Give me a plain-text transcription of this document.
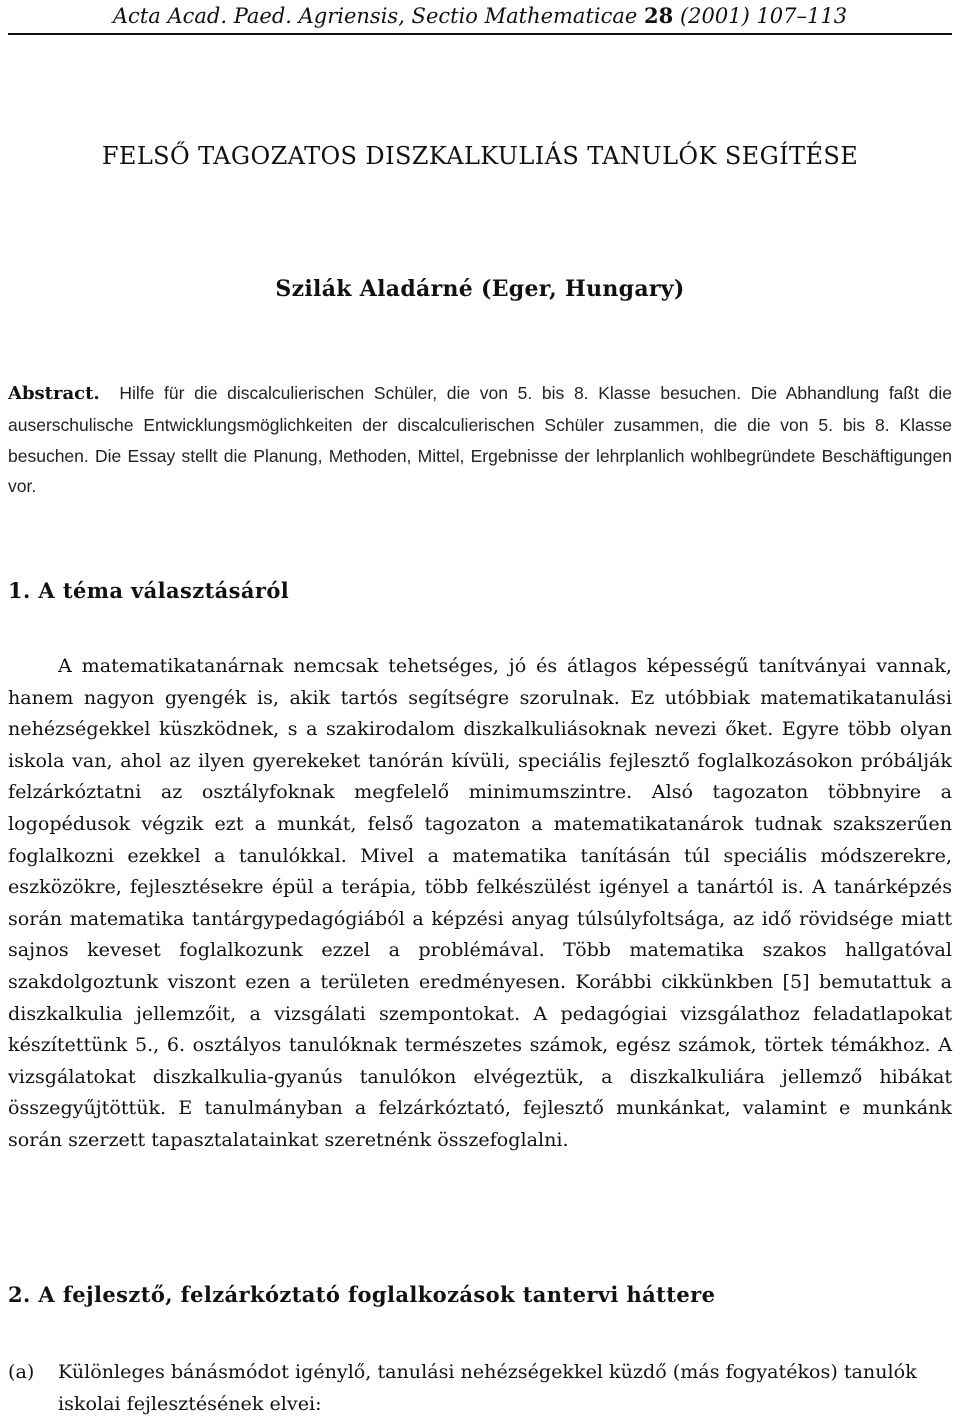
Acta Acad. Paed. Agriensis, Sectio Mathematicae 28 (2001) 107–113
FELSŐ TAGOZATOS DISZKALKULIÁS TANULÓK SEGÍTÉSE
Szilák Aladárné (Eger, Hungary)
Abstract. Hilfe für die discalculierischen Schüler, die von 5. bis 8. Klasse besuchen. Die Abhandlung faßt die auserschulische Entwicklungsmöglichkeiten der discalculierischen Schüler zusammen, die die von 5. bis 8. Klasse besuchen. Die Essay stellt die Planung, Methoden, Mittel, Ergebnisse der lehrplanlich wohlbegründete Beschäftigungen vor.
1. A téma választásáról
A matematikatanárnak nemcsak tehetséges, jó és átlagos képességű tanítványai vannak, hanem nagyon gyengék is, akik tartós segítségre szorulnak. Ez utóbbiak matematikatanulási nehézségekkel küszködnek, s a szakirodalom diszkalkuliásoknak nevezi őket. Egyre több olyan iskola van, ahol az ilyen gyerekeket tanórán kívüli, speciális fejlesztő foglalkozásokon próbálják felzárkóztatni az osztályfoknak megfelelő minimumszintre. Alsó tagozaton többnyire a logopédusok végzik ezt a munkát, felső tagozaton a matematikatanárok tudnak szakszerűen foglalkozni ezekkel a tanulókkal. Mivel a matematika tanításán túl speciális módszerekre, eszközökre, fejlesztésekre épül a terápia, több felkészülést igényel a tanártól is. A tanárképzés során matematika tantárgypedagógiából a képzési anyag túlsúlyfoltsága, az idő rövidsége miatt sajnos keveset foglalkozunk ezzel a problémával. Több matematika szakos hallgatóval szakdolgoztunk viszont ezen a területen eredményesen. Korábbi cikkünkben [5] bemutattuk a diszkalkulia jellemzőit, a vizsgálati szempontokat. A pedagógiai vizsgálathoz feladatlapokat készítettünk 5., 6. osztályos tanulóknak természetes számok, egész számok, törtek témákhoz. A vizsgálatokat diszkalkulia-gyanús tanulókon elvégeztük, a diszkalkuliára jellemző hibákat összegyűjtöttük. E tanulmányban a felzárkóztató, fejlesztő munkánkat, valamint e munkánk során szerzett tapasztalatainkat szeretnénk összefoglalni.
2. A fejlesztő, felzárkóztató foglalkozások tantervi háttere
(a) Különleges bánásmódot igénylő, tanulási nehézségekkel küzdő (más fogyatékos) tanulók iskolai fejlesztésének elvei:
